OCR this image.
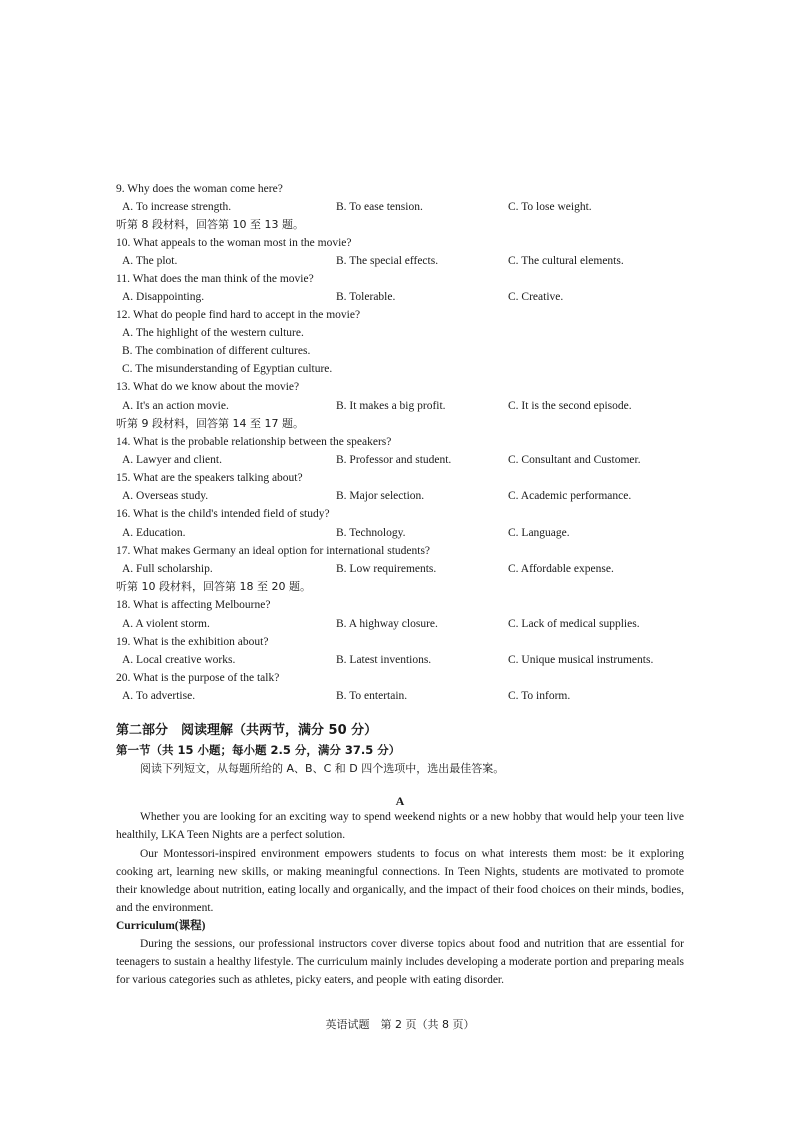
9. Why does the woman come here?
A. To increase strength.	B. To ease tension.	C. To lose weight.
听第 8 段材料，回答第 10 至 13 题。
10. What appeals to the woman most in the movie?
A. The plot.	B. The special effects.	C. The cultural elements.
11. What does the man think of the movie?
A. Disappointing.	B. Tolerable.	C. Creative.
12. What do people find hard to accept in the movie?
A. The highlight of the western culture.
B. The combination of different cultures.
C. The misunderstanding of Egyptian culture.
13. What do we know about the movie?
A. It's an action movie.	B. It makes a big profit.	C. It is the second episode.
听第 9 段材料，回答第 14 至 17 题。
14. What is the probable relationship between the speakers?
A. Lawyer and client.	B. Professor and student.	C. Consultant and Customer.
15. What are the speakers talking about?
A. Overseas study.	B. Major selection.	C. Academic performance.
16. What is the child's intended field of study?
A. Education.	B. Technology.	C. Language.
17. What makes Germany an ideal option for international students?
A. Full scholarship.	B. Low requirements.	C. Affordable expense.
听第 10 段材料，回答第 18 至 20 题。
18. What is affecting Melbourne?
A. A violent storm.	B. A highway closure.	C. Lack of medical supplies.
19. What is the exhibition about?
A. Local creative works.	B. Latest inventions.	C. Unique musical instruments.
20. What is the purpose of the talk?
A. To advertise.	B. To entertain.	C. To inform.
第二部分　阅读理解（共两节，满分 50 分）
第一节（共 15 小题；每小题 2.5 分，满分 37.5 分）
阅读下列短文，从每题所给的 A、B、C 和 D 四个选项中，选出最佳答案。
A

Whether you are looking for an exciting way to spend weekend nights or a new hobby that would help your teen live healthily, LKA Teen Nights are a perfect solution.

Our Montessori-inspired environment empowers students to focus on what interests them most: be it exploring cooking art, learning new skills, or making meaningful connections. In Teen Nights, students are motivated to promote their knowledge about nutrition, eating locally and organically, and the impact of their food choices on their minds, bodies, and the environment.

Curriculum(课程)

During the sessions, our professional instructors cover diverse topics about food and nutrition that are essential for teenagers to sustain a healthy lifestyle. The curriculum mainly includes developing a moderate portion and preparing meals for various categories such as athletes, picky eaters, and people with eating disorder.

英语试题　第 2 页（共 8 页）
